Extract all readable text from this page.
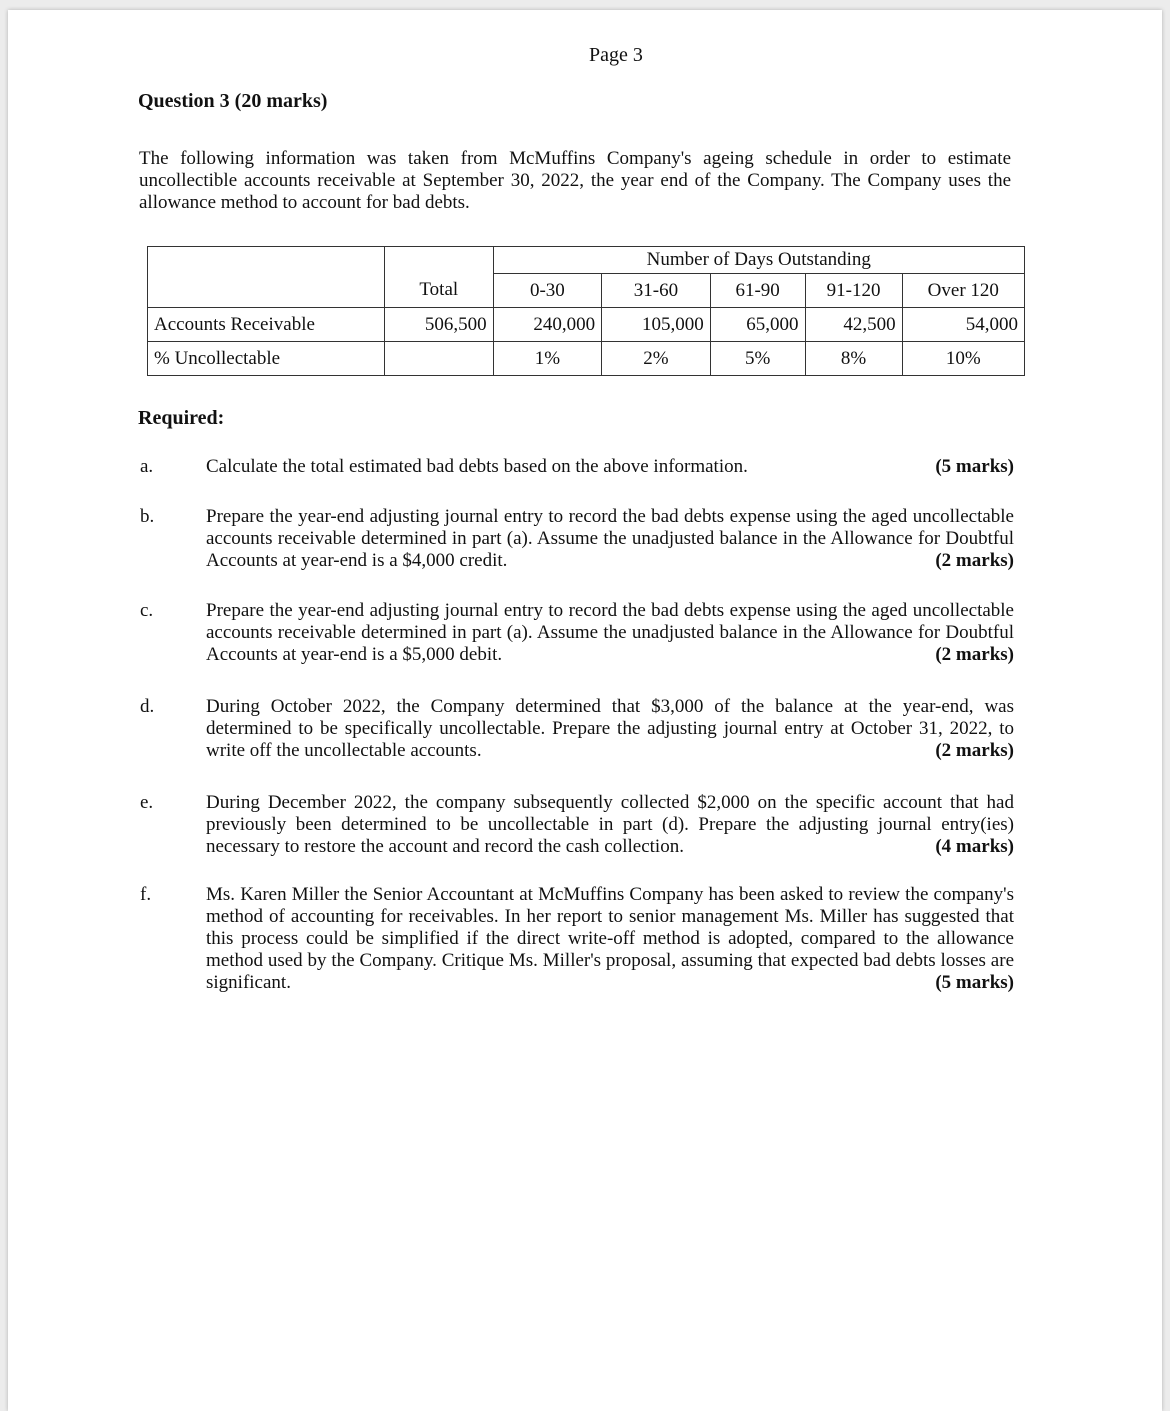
Page 3
Question 3 (20 marks)
The following information was taken from McMuffins Company's ageing schedule in order to estimate uncollectible accounts receivable at September 30, 2022, the year end of the Company. The Company uses the allowance method to account for bad debts.
		Number of Days Outstanding				
	Total	0-30	31-60	61-90	91-120	Over 120
Accounts Receivable	506,500	240,000	105,000	65,000	42,500	54,000
% Uncollectable		1%	2%	5%	8%	10%
Required:
a.	Calculate the total estimated bad debts based on the above information.	(5 marks)
b.	Prepare the year-end adjusting journal entry to record the bad debts expense using the aged uncollectable accounts receivable determined in part (a). Assume the unadjusted balance in the Allowance for Doubtful Accounts at year-end is a $4,000 credit.	(2 marks)
c.	Prepare the year-end adjusting journal entry to record the bad debts expense using the aged uncollectable accounts receivable determined in part (a). Assume the unadjusted balance in the Allowance for Doubtful Accounts at year-end is a $5,000 debit.	(2 marks)
d.	During October 2022, the Company determined that $3,000 of the balance at the year-end, was determined to be specifically uncollectable. Prepare the adjusting journal entry at October 31, 2022, to write off the uncollectable accounts.	(2 marks)
e.	During December 2022, the company subsequently collected $2,000 on the specific account that had previously been determined to be uncollectable in part (d). Prepare the adjusting journal entry(ies) necessary to restore the account and record the cash collection.	(4 marks)
f.	Ms. Karen Miller the Senior Accountant at McMuffins Company has been asked to review the company's method of accounting for receivables. In her report to senior management Ms. Miller has suggested that this process could be simplified if the direct write-off method is adopted, compared to the allowance method used by the Company. Critique Ms. Miller's proposal, assuming that expected bad debts losses are significant.	(5 marks)
